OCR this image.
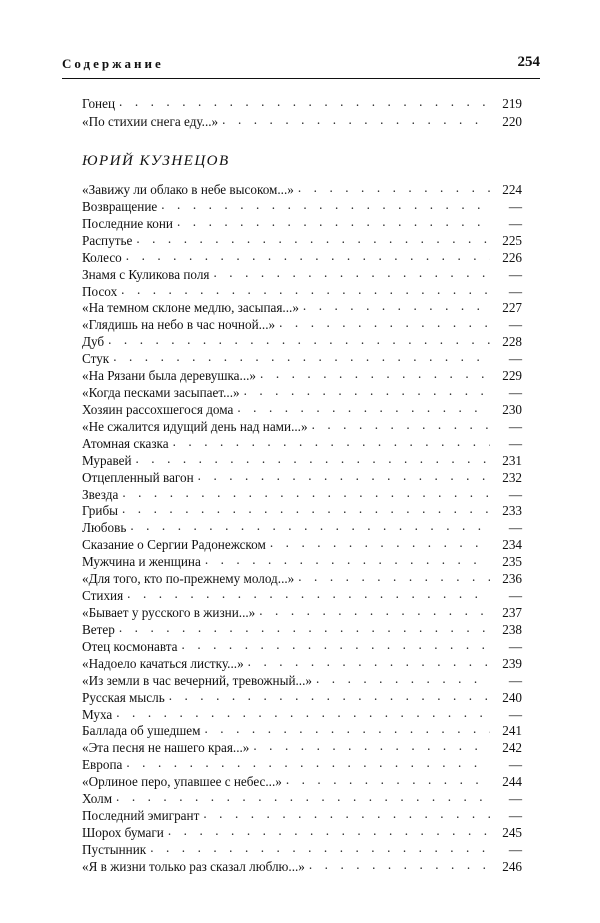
Содержание	254
Гонец . . .	219
«По стихии снега еду...» . . .	220
ЮРИЙ КУЗНЕЦОВ
«Завижу ли облако в небе высоком...» . . .	224
Возвращение . . .	—
Последние кони . . .	—
Распутье . . .	225
Колесо . . .	226
Знамя с Куликова поля . . .	—
Посох . . .	—
«На темном склоне медлю, засыпая...» . . .	227
«Глядишь на небо в час ночной...» . . .	—
Дуб . . .	228
Стук . . .	—
«На Рязани была деревушка...» . . .	229
«Когда песками засыпает...» . . .	—
Хозяин рассохшегося дома . . .	230
«Не сжалится идущий день над нами...» . . .	—
Атомная сказка . . .	—
Муравей . . .	231
Отцепленный вагон . . .	232
Звезда . . .	—
Грибы . . .	233
Любовь . . .	—
Сказание о Сергии Радонежском . . .	234
Мужчина и женщина . . .	235
«Для того, кто по-прежнему молод...» . . .	236
Стихия . . .	—
«Бывает у русского в жизни...» . . .	237
Ветер . . .	238
Отец космонавта . . .	—
«Надоело качаться листку...» . . .	239
«Из земли в час вечерний, тревожный...» . . .	—
Русская мысль . . .	240
Муха . . .	—
Баллада об ушедшем . . .	241
«Эта песня не нашего края...» . . .	242
Европа . . .	—
«Орлиное перо, упавшее с небес...» . . .	244
Холм . . .	—
Последний эмигрант . . .	—
Шорох бумаги . . .	245
Пустынник . . .	—
«Я в жизни только раз сказал люблю...» . . .	246
